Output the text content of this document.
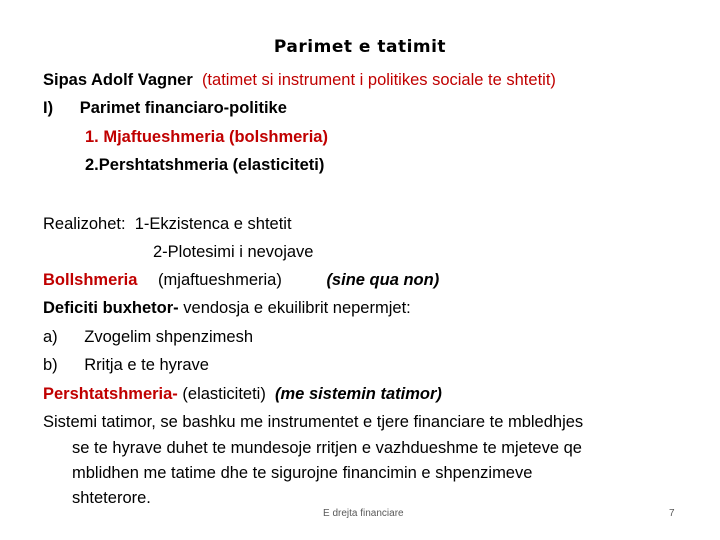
Parimet e tatimit
Sipas Adolf Vagner (tatimet si instrument i politikes sociale te shtetit)
I) Parimet financiaro-politike
1. Mjaftueshmeria (bolshmeria)
2.Pershtatshmeria (elasticiteti)
Realizohet: 1-Ekzistenca e shtetit
2-Plotesimi i nevojave
Bollshmeria (mjaftueshmeria)	(sine qua non)
Deficiti buxhetor- vendosja e ekuilibrit nepermjet:
a) Zvogelim shpenzimesh
b) Rritja e te hyrave
Pershtatshmeria- (elasticiteti) (me sistemin tatimor)
Sistemi tatimor, se bashku me instrumentet e tjere financiare te mbledhjes
se te hyrave duhet te mundesoje rritjen e vazhdueshme te mjeteve qe
mblidhen me tatime dhe te sigurojne financimin e shpenzimeve
shteterore.
E drejta financiare	7
